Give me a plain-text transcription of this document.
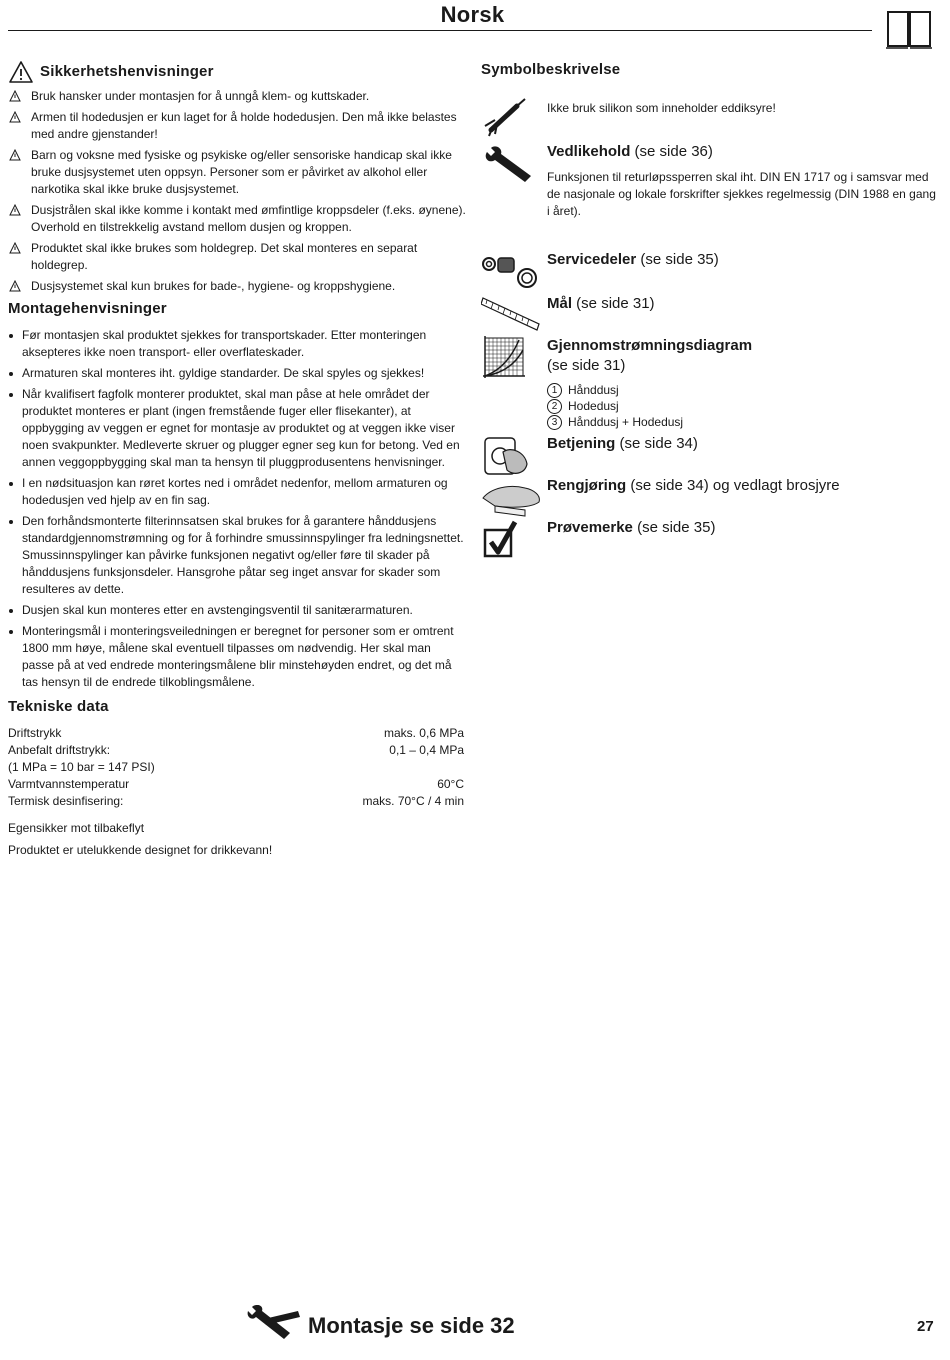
Norsk
Sikkerhetshenvisninger
Bruk hansker under montasjen for å unngå klem- og kuttskader.
Armen til hodedusjen er kun laget for å holde hodedusjen. Den må ikke belastes med andre gjenstander!
Barn og voksne med fysiske og psykiske og/eller sensoriske handicap skal ikke bruke dusjsystemet uten oppsyn. Personer som er påvirket av alkohol eller narkotika skal ikke bruke dusjsystemet.
Dusjstrålen skal ikke komme i kontakt med ømfintlige kroppsdeler (f.eks. øynene). Overhold en tilstrekkelig avstand mellom dusjen og kroppen.
Produktet skal ikke brukes som holdegrep. Det skal monteres en separat holdegrep.
Dusjsystemet skal kun brukes for bade-, hygiene- og kroppshygiene.
Montagehenvisninger
Før montasjen skal produktet sjekkes for transportskader. Etter monteringen aksepteres ikke noen transport- eller overflateskader.
Armaturen skal monteres iht. gyldige standarder. De skal spyles og sjekkes!
Når kvalifisert fagfolk monterer produktet, skal man påse at hele området der produktet monteres er plant (ingen fremstående fuger eller flisekanter), at oppbygging av veggen er egnet for montasje av produktet og at veggen ikke viser noen svakpunkter. Medleverte skruer og plugger egner seg kun for betong. Ved en annen veggoppbygging skal man ta hensyn til pluggprodusentens henvisninger.
I en nødsituasjon kan røret kortes ned i området nedenfor, mellom armaturen og hodedusjen ved hjelp av en fin sag.
Den forhåndsmonterte filterinnsatsen skal brukes for å garantere hånddusjens standardgjennomstrømning og for å forhindre smussinnspylinger fra ledningsnettet. Smussinnspylinger kan påvirke funksjonen negativt og/eller føre til skader på hånddusjens funksjonsdeler. Hansgrohe påtar seg inget ansvar for skader som resulteres av dette.
Dusjen skal kun monteres etter en avstengingsventil til sanitærarmaturen.
Monteringsmål i monteringsveiledningen er beregnet for personer som er omtrent 1800 mm høye, målene skal eventuell tilpasses om nødvendig. Her skal man passe på at ved endrede monteringsmålene blir minstehøyden endret, og det må tas hensyn til de endrede tilkoblingsmålene.
Tekniske data
Driftstrykk	maks. 0,6 MPa
Anbefalt driftstrykk:	0,1 – 0,4 MPa
(1 MPa = 10 bar = 147 PSI)
Varmtvannstemperatur	60°C
Termisk desinfisering:	maks. 70°C / 4 min
Egensikker mot tilbakeflyt
Produktet er utelukkende designet for drikkevann!
Symbolbeskrivelse
Ikke bruk silikon som inneholder eddiksyre!
Vedlikehold (se side 36)
Funksjonen til returløpssperren skal iht. DIN EN 1717 og i samsvar med de nasjonale og lokale forskrifter sjekkes regelmessig (DIN 1988 en gang i året).
Servicedeler (se side 35)
Mål (se side 31)
Gjennomstrømningsdiagram
(se side 31)
1 Hånddusj
2 Hodedusj
3 Hånddusj + Hodedusj
Betjening (se side 34)
Rengjøring (se side 34) og vedlagt brosjyre
Prøvemerke (se side 35)
Montasje se side 32	27
